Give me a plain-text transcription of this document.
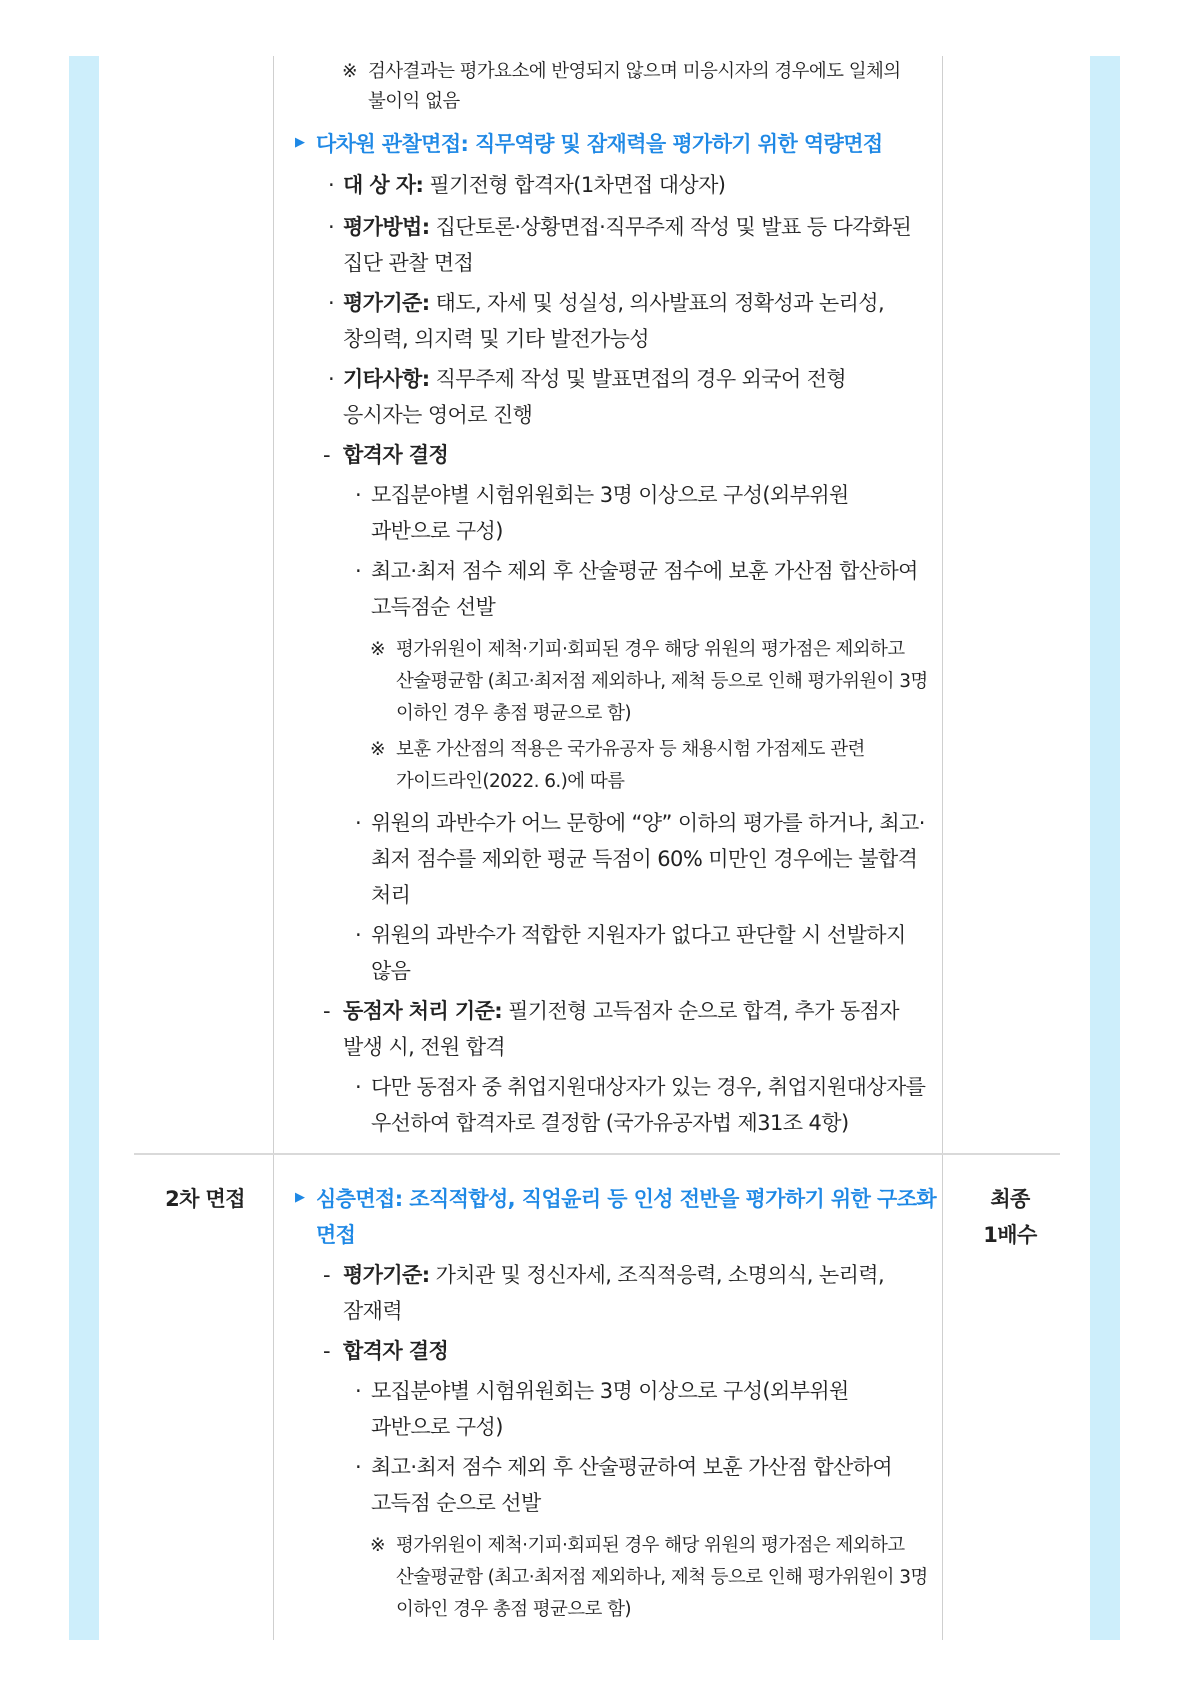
※ 검사결과는 평가요소에 반영되지 않으며 미응시자의 경우에도 일체의
불이익 없음
▶ 다차원 관찰면접: 직무역량 및 잠재력을 평가하기 위한 역량면접
· 대 상 자: 필기전형 합격자(1차면접 대상자)
· 평가방법: 집단토론·상황면접·직무주제 작성 및 발표 등 다각화된
집단 관찰 면접
· 평가기준: 태도, 자세 및 성실성, 의사발표의 정확성과 논리성,
창의력, 의지력 및 기타 발전가능성
· 기타사항: 직무주제 작성 및 발표면접의 경우 외국어 전형
응시자는 영어로 진행
- 합격자 결정
· 모집분야별 시험위원회는 3명 이상으로 구성(외부위원
과반으로 구성)
· 최고·최저 점수 제외 후 산술평균 점수에 보훈 가산점 합산하여
고득점순 선발
※ 평가위원이 제척·기피·회피된 경우 해당 위원의 평가점은 제외하고
산술평균함 (최고·최저점 제외하나, 제척 등으로 인해 평가위원이 3명
이하인 경우 총점 평균으로 함)
※ 보훈 가산점의 적용은 국가유공자 등 채용시험 가점제도 관련
가이드라인(2022. 6.)에 따름
· 위원의 과반수가 어느 문항에 “양” 이하의 평가를 하거나, 최고·
최저 점수를 제외한 평균 득점이 60% 미만인 경우에는 불합격
처리
· 위원의 과반수가 적합한 지원자가 없다고 판단할 시 선발하지
않음
- 동점자 처리 기준: 필기전형 고득점자 순으로 합격, 추가 동점자
발생 시, 전원 합격
· 다만 동점자 중 취업지원대상자가 있는 경우, 취업지원대상자를
우선하여 합격자로 결정함 (국가유공자법 제31조 4항)
2차 면접	최종
1배수
▶ 심층면접: 조직적합성, 직업윤리 등 인성 전반을 평가하기 위한 구조화
면접
- 평가기준: 가치관 및 정신자세, 조직적응력, 소명의식, 논리력,
잠재력
- 합격자 결정
· 모집분야별 시험위원회는 3명 이상으로 구성(외부위원
과반으로 구성)
· 최고·최저 점수 제외 후 산술평균하여 보훈 가산점 합산하여
고득점 순으로 선발
※ 평가위원이 제척·기피·회피된 경우 해당 위원의 평가점은 제외하고
산술평균함 (최고·최저점 제외하나, 제척 등으로 인해 평가위원이 3명
이하인 경우 총점 평균으로 함)
